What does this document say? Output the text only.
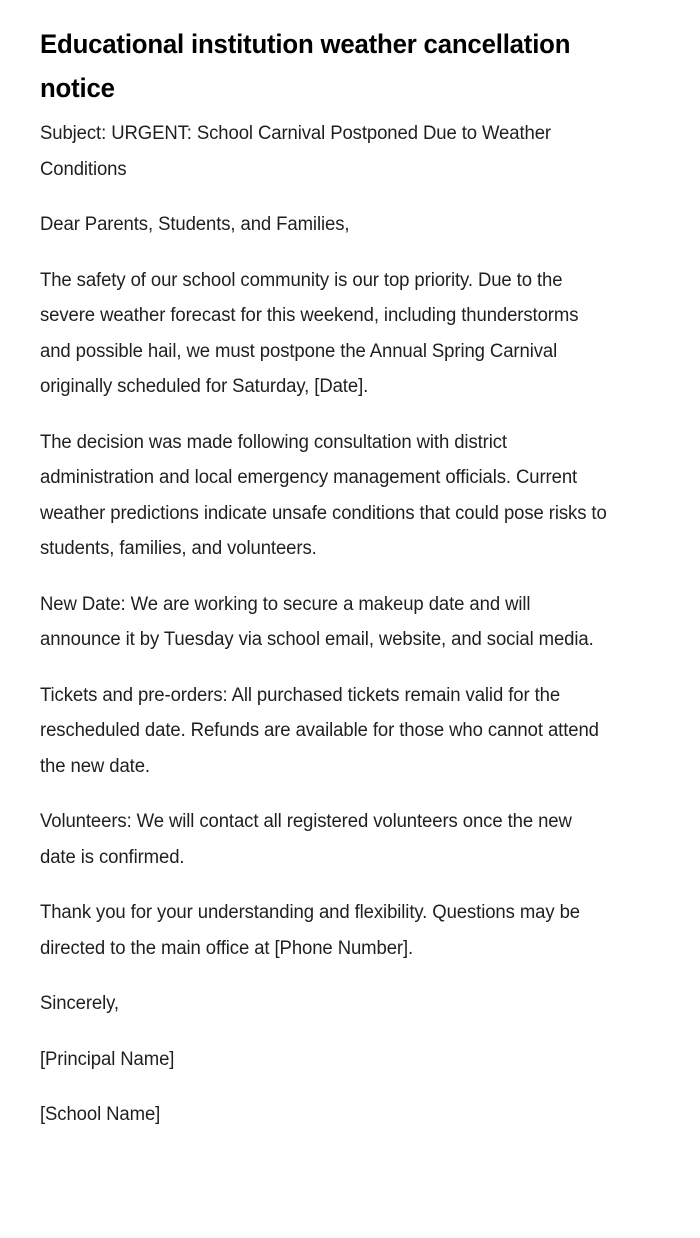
Educational institution weather cancellation notice

Subject: URGENT: School Carnival Postponed Due to Weather Conditions

Dear Parents, Students, and Families,

The safety of our school community is our top priority. Due to the severe weather forecast for this weekend, including thunderstorms and possible hail, we must postpone the Annual Spring Carnival originally scheduled for Saturday, [Date].

The decision was made following consultation with district administration and local emergency management officials. Current weather predictions indicate unsafe conditions that could pose risks to students, families, and volunteers.

New Date: We are working to secure a makeup date and will announce it by Tuesday via school email, website, and social media.

Tickets and pre-orders: All purchased tickets remain valid for the rescheduled date. Refunds are available for those who cannot attend the new date.

Volunteers: We will contact all registered volunteers once the new date is confirmed.

Thank you for your understanding and flexibility. Questions may be directed to the main office at [Phone Number].

Sincerely,

[Principal Name]

[School Name]
